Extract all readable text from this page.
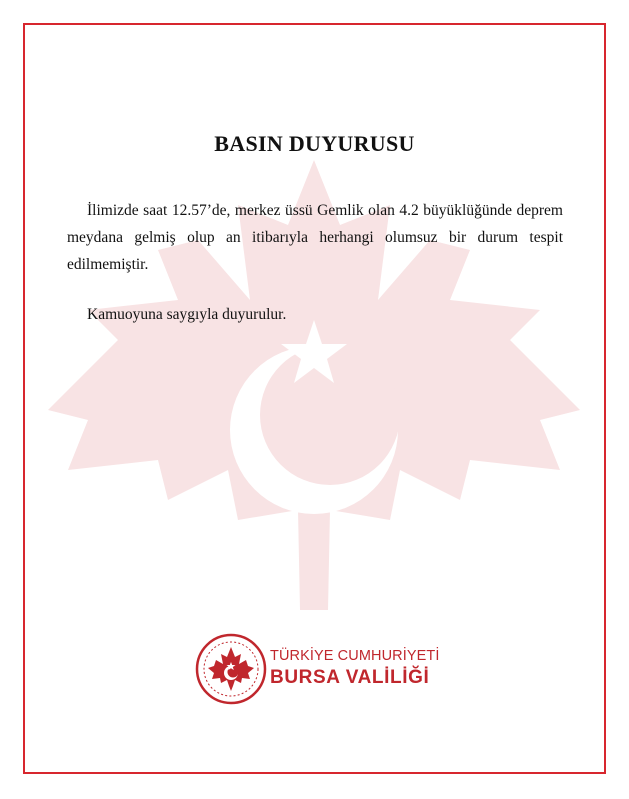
BASIN DUYURUSU
İlimizde saat 12.57’de, merkez üssü Gemlik olan 4.2 büyüklüğünde deprem meydana gelmiş olup an itibarıyla herhangi olumsuz bir durum tespit edilmemiştir.
Kamuoyuna saygıyla duyurulur.
TÜRKİYE CUMHURİYETİ
BURSA VALİLİĞİ
